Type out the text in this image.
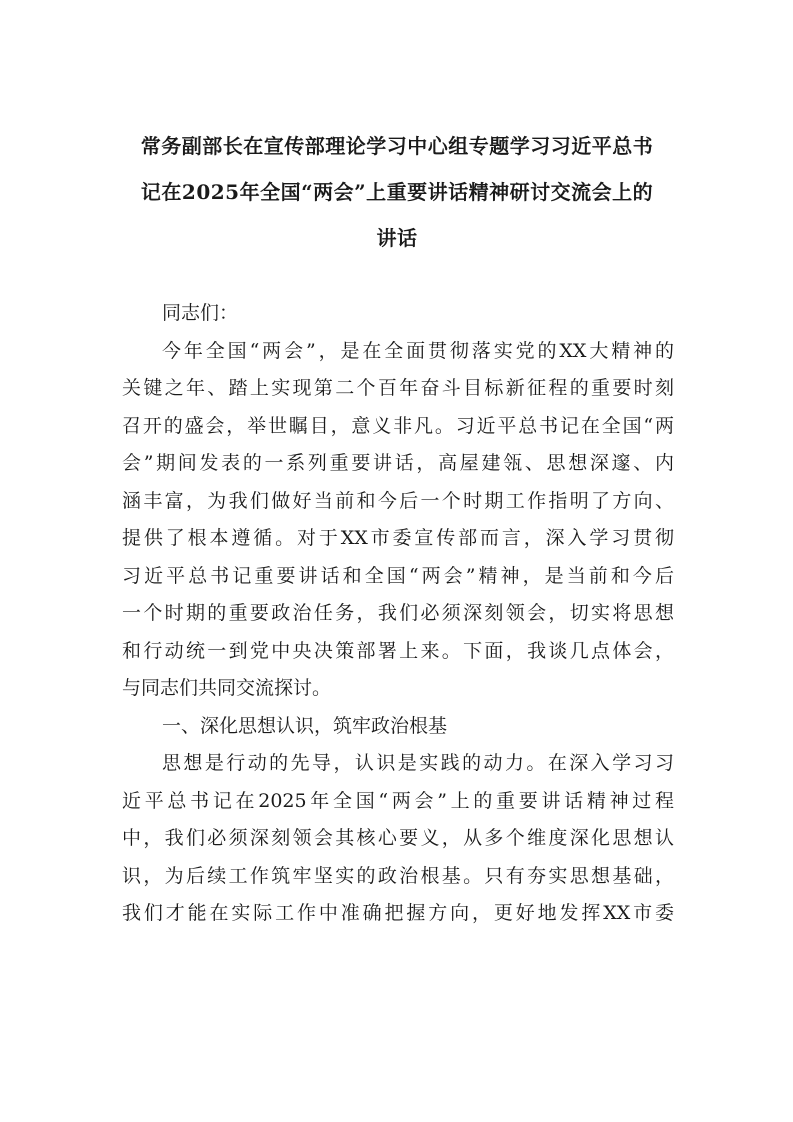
常务副部长在宣传部理论学习中心组专题学习习近平总书
记在2025年全国“两会”上重要讲话精神研讨交流会上的
讲话
同志们：
今年全国“两会”，是在全面贯彻落实党的XX大精神的
关键之年、踏上实现第二个百年奋斗目标新征程的重要时刻
召开的盛会，举世瞩目，意义非凡。习近平总书记在全国“两
会”期间发表的一系列重要讲话，高屋建瓴、思想深邃、内
涵丰富，为我们做好当前和今后一个时期工作指明了方向、
提供了根本遵循。对于XX市委宣传部而言，深入学习贯彻
习近平总书记重要讲话和全国“两会”精神，是当前和今后
一个时期的重要政治任务，我们必须深刻领会，切实将思想
和行动统一到党中央决策部署上来。下面，我谈几点体会，
与同志们共同交流探讨。
一、深化思想认识，筑牢政治根基
思想是行动的先导，认识是实践的动力。在深入学习习
近平总书记在2025年全国“两会”上的重要讲话精神过程
中，我们必须深刻领会其核心要义，从多个维度深化思想认
识，为后续工作筑牢坚实的政治根基。只有夯实思想基础，
我们才能在实际工作中准确把握方向，更好地发挥XX市委
